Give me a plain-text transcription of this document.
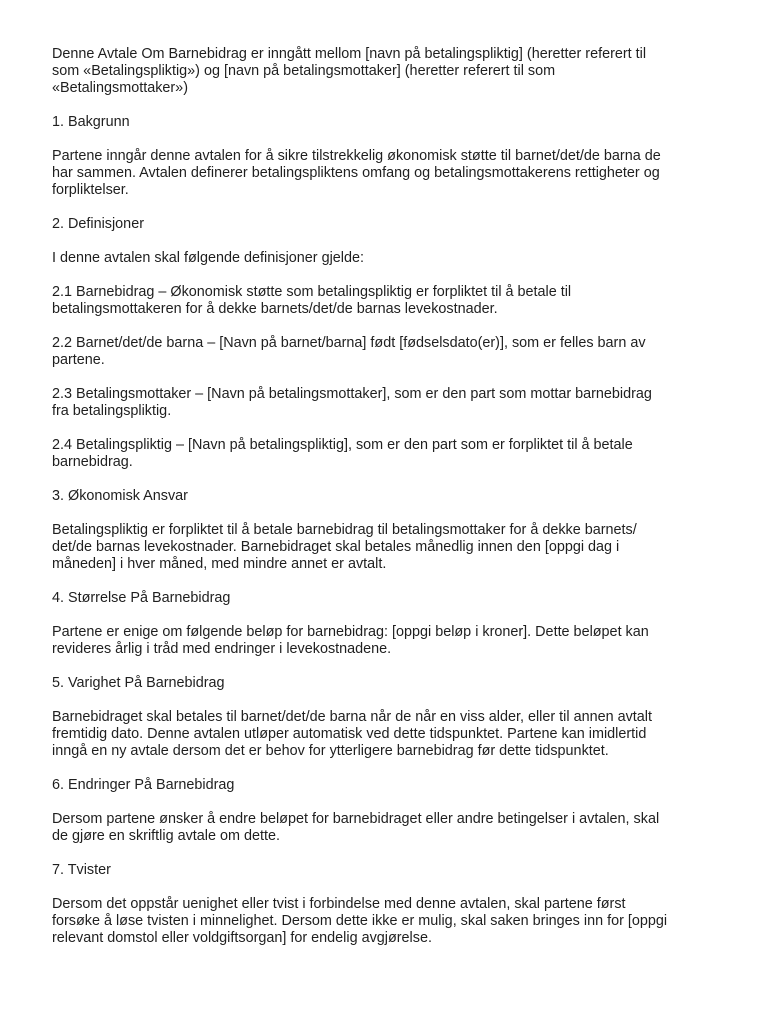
Denne Avtale Om Barnebidrag er inngått mellom [navn på betalingspliktig] (heretter referert til
som «Betalingspliktig») og [navn på betalingsmottaker] (heretter referert til som
«Betalingsmottaker»)
1. Bakgrunn
Partene inngår denne avtalen for å sikre tilstrekkelig økonomisk støtte til barnet/det/de barna de
har sammen. Avtalen definerer betalingspliktens omfang og betalingsmottakerens rettigheter og
forpliktelser.
2. Definisjoner
I denne avtalen skal følgende definisjoner gjelde:
2.1 Barnebidrag – Økonomisk støtte som betalingspliktig er forpliktet til å betale til
betalingsmottakeren for å dekke barnets/det/de barnas levekostnader.
2.2 Barnet/det/de barna – [Navn på barnet/barna] født [fødselsdato(er)], som er felles barn av
partene.
2.3 Betalingsmottaker – [Navn på betalingsmottaker], som er den part som mottar barnebidrag
fra betalingspliktig.
2.4 Betalingspliktig – [Navn på betalingspliktig], som er den part som er forpliktet til å betale
barnebidrag.
3. Økonomisk Ansvar
Betalingspliktig er forpliktet til å betale barnebidrag til betalingsmottaker for å dekke barnets/
det/de barnas levekostnader. Barnebidraget skal betales månedlig innen den [oppgi dag i
måneden] i hver måned, med mindre annet er avtalt.
4. Størrelse På Barnebidrag
Partene er enige om følgende beløp for barnebidrag: [oppgi beløp i kroner]. Dette beløpet kan
revideres årlig i tråd med endringer i levekostnadene.
5. Varighet På Barnebidrag
Barnebidraget skal betales til barnet/det/de barna når de når en viss alder, eller til annen avtalt
fremtidig dato. Denne avtalen utløper automatisk ved dette tidspunktet. Partene kan imidlertid
inngå en ny avtale dersom det er behov for ytterligere barnebidrag før dette tidspunktet.
6. Endringer På Barnebidrag
Dersom partene ønsker å endre beløpet for barnebidraget eller andre betingelser i avtalen, skal
de gjøre en skriftlig avtale om dette.
7. Tvister
Dersom det oppstår uenighet eller tvist i forbindelse med denne avtalen, skal partene først
forsøke å løse tvisten i minnelighet. Dersom dette ikke er mulig, skal saken bringes inn for [oppgi
relevant domstol eller voldgiftsorgan] for endelig avgjørelse.
